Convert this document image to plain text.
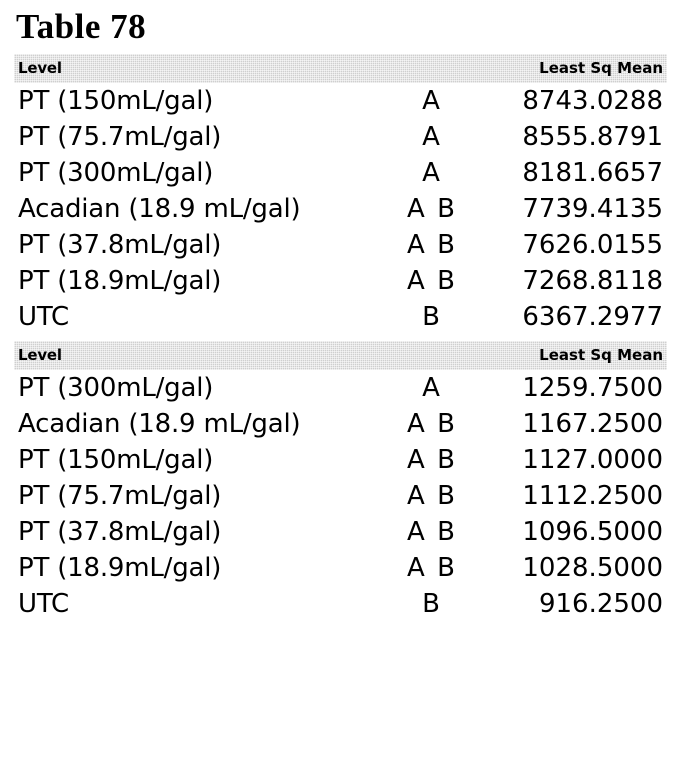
Table 78
Level		Least Sq Mean
PT (150mL/gal)	A	8743.0288
PT (75.7mL/gal)	A	8555.8791
PT (300mL/gal)	A	8181.6657
Acadian (18.9 mL/gal)	A B	7739.4135
PT (37.8mL/gal)	A B	7626.0155
PT (18.9mL/gal)	A B	7268.8118
UTC	B	6367.2977
Level		Least Sq Mean
PT (300mL/gal)	A	1259.7500
Acadian (18.9 mL/gal)	A B	1167.2500
PT (150mL/gal)	A B	1127.0000
PT (75.7mL/gal)	A B	1112.2500
PT (37.8mL/gal)	A B	1096.5000
PT (18.9mL/gal)	A B	1028.5000
UTC	B	916.2500
